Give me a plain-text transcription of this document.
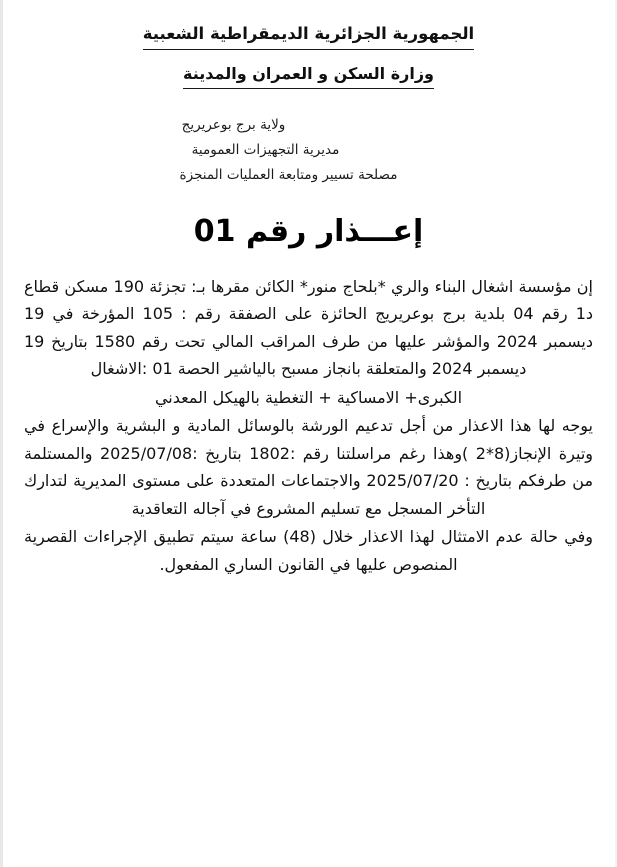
الجمهورية الجزائرية الديمقراطية الشعبية
وزارة السكن و العمران والمدينة
ولاية برج بوعريريج
مديرية التجهيزات العمومية
مصلحة تسيير ومتابعة العمليات المنجزة
إعـــذار رقم 01

إن مؤسسة اشغال البناء والري *بلحاج منور* الكائن مقرها بـ: تجزئة 190 مسكن قطاع د1 رقم 04 بلدية برج بوعريريج الحائزة على الصفقة رقم : 105 المؤرخة في 19 ديسمبر 2024 والمؤشر عليها من طرف المراقب المالي تحت رقم 1580 بتاريخ 19 ديسمبر 2024 والمتعلقة بانجاز مسبح بالياشير الحصة 01 :الاشغال

الكبرى+ الامساكية + التغطية بالهيكل المعدني

يوجه لها هذا الاعذار من أجل تدعيم الورشة بالوسائل المادية و البشرية والإسراع في وتيرة الإنجاز(8*2 )وهذا رغم مراسلتنا رقم :1802 بتاريخ :2025/07/08 والمستلمة من طرفكم بتاريخ : 2025/07/20 والاجتماعات المتعددة على مستوى المديرية لتدارك التأخر المسجل مع تسليم المشروع في آجاله التعاقدية

وفي حالة عدم الامتثال لهذا الاعذار خلال (48) ساعة سيتم تطبيق الإجراءات القصرية المنصوص عليها في القانون الساري المفعول.
